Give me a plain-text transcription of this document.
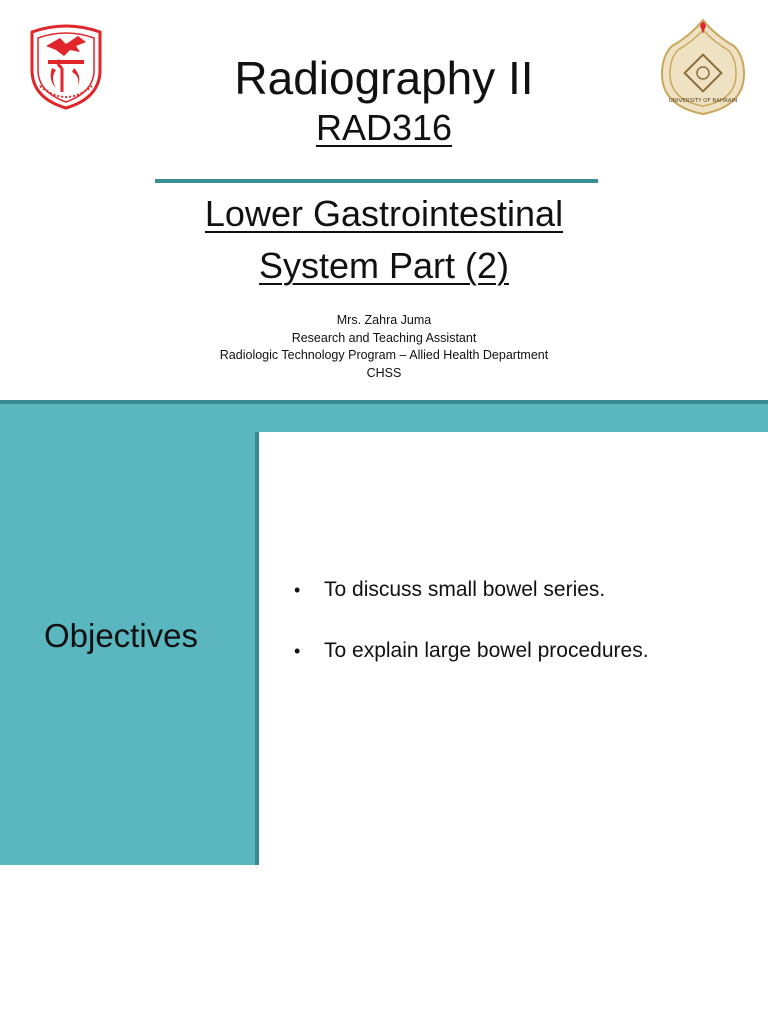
UNIVERSITY OF BAHRAIN
Radiography II
RAD316
Lower Gastrointestinal
System Part (2)
Mrs. Zahra Juma
Research and Teaching Assistant
Radiologic Technology Program – Allied Health Department
CHSS
Objectives
• To discuss small bowel series.
• To explain large bowel procedures.
